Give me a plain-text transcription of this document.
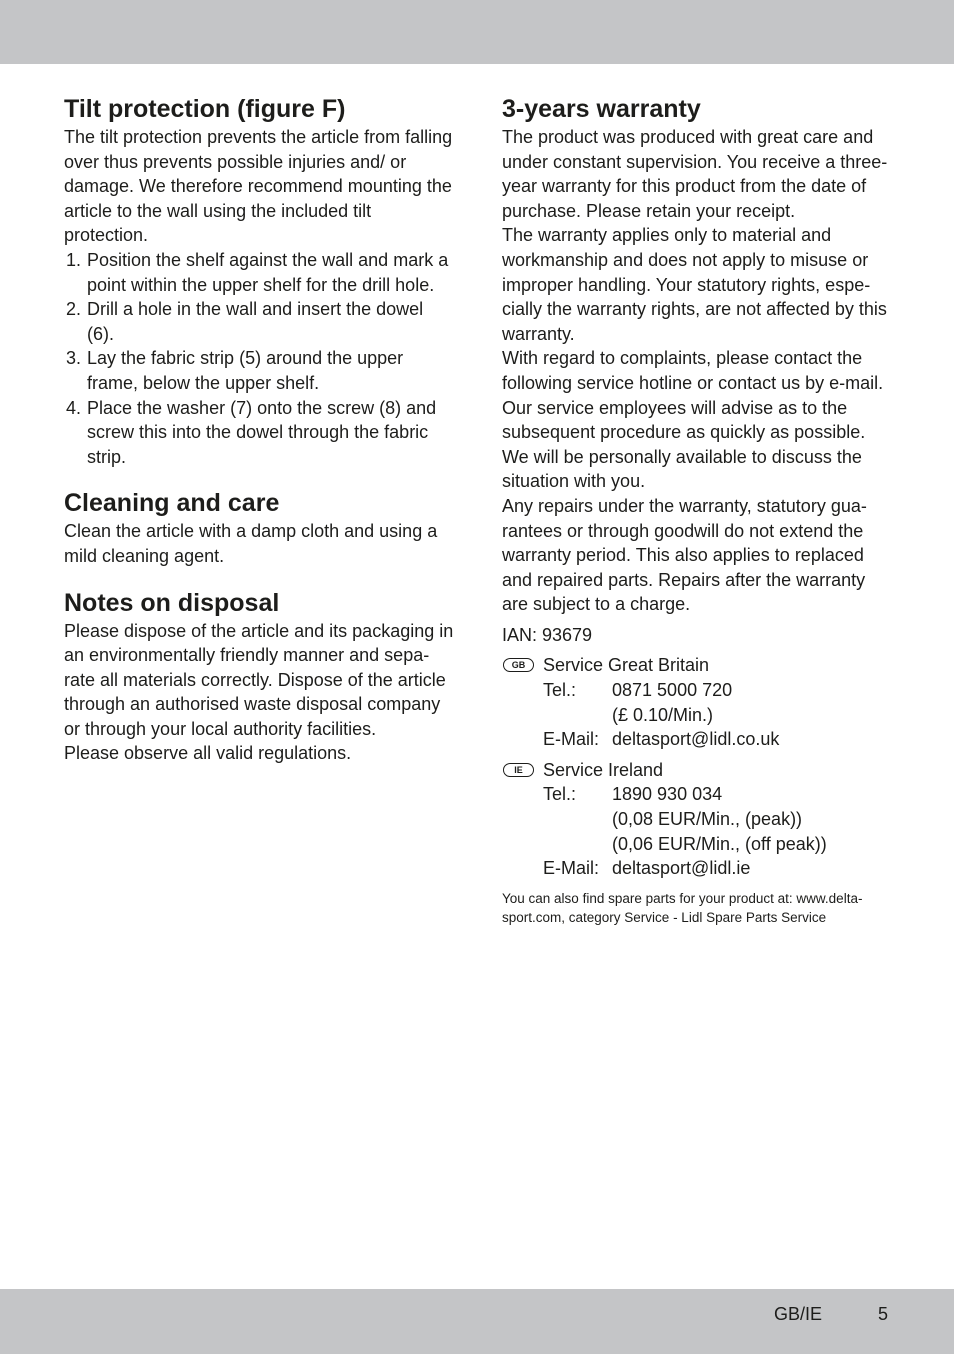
Tilt protection (figure F)

The tilt protection prevents the article from falling over thus prevents possible injuries and/ or damage. We therefore recommend mounting the article to the wall using the included tilt protection.

1. Position the shelf against the wall and mark a point within the upper shelf for the drill hole.
2. Drill a hole in the wall and insert the dowel (6).
3. Lay the fabric strip (5) around the upper frame, below the upper shelf.
4. Place the washer (7) onto the screw (8) and screw this into the dowel through the fabric strip.
Cleaning and care

Clean the article with a damp cloth and using a mild cleaning agent.

Notes on disposal

Please dispose of the article and its packaging in an environmentally friendly manner and sepa-rate all materials correctly. Dispose of the article through an authorised waste disposal company or through your local authority facilities.

Please observe all valid regulations.

3-years warranty

The product was produced with great care and under constant supervision. You receive a three-year warranty for this product from the date of purchase. Please retain your receipt.

The warranty applies only to material and workmanship and does not apply to misuse or improper handling. Your statutory rights, espe-cially the warranty rights, are not affected by this warranty.

With regard to complaints, please contact the following service hotline or contact us by e-mail. Our service employees will advise as to the subsequent procedure as quickly as possible. We will be personally available to discuss the situation with you.

Any repairs under the warranty, statutory gua-rantees or through goodwill do not extend the warranty period. This also applies to replaced and repaired parts. Repairs after the warranty are subject to a charge.

IAN: 93679

GB Service Great Britain
Tel.: 0871 5000 720
(£ 0.10/Min.)
E-Mail: deltasport@lidl.co.uk
IE	Service Ireland
Tel.: 1890 930 034
(0,08 EUR/Min., (peak))
(0,06 EUR/Min., (off peak))
E-Mail: deltasport@lidl.ie

You can also find spare parts for your product at: www.delta-sport.com, category Service - Lidl Spare Parts Service

GB/IE	5
